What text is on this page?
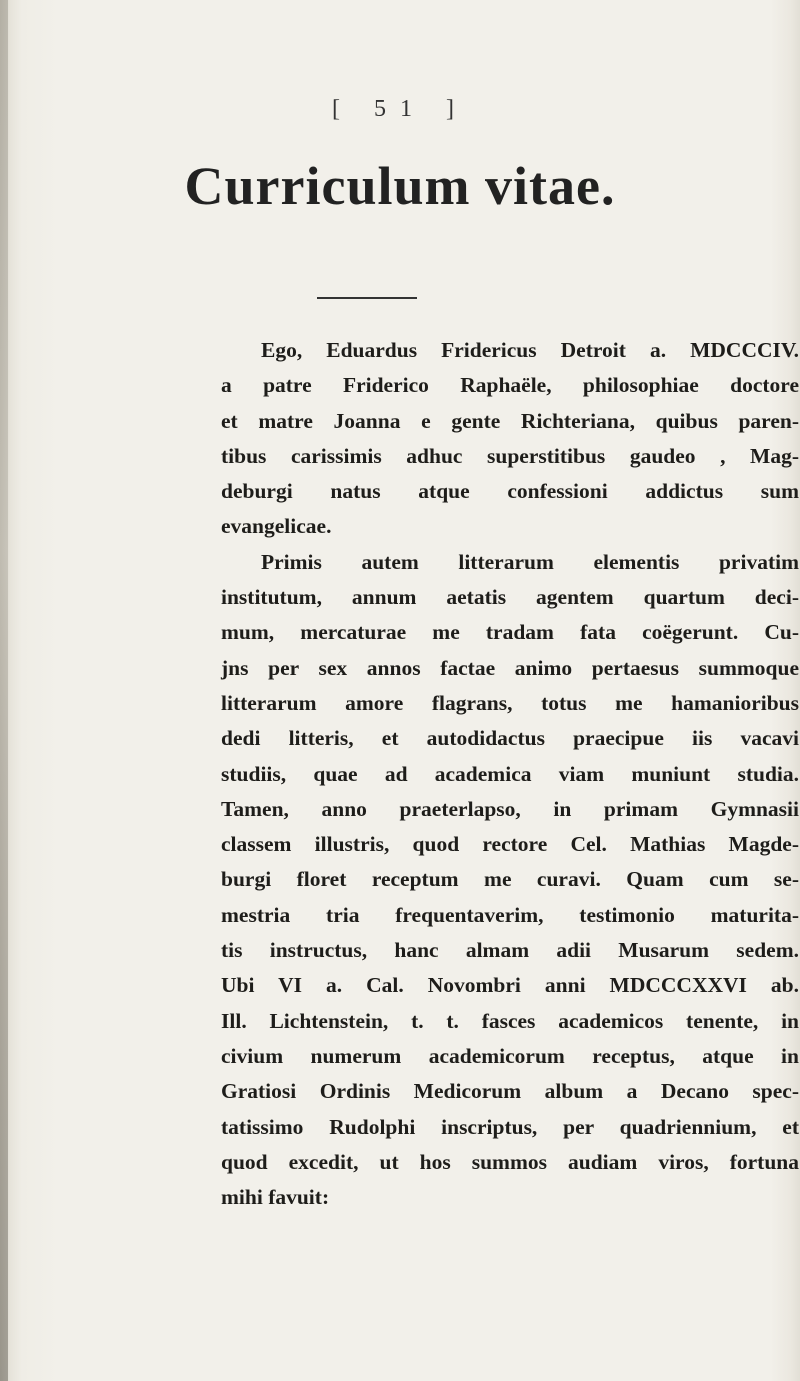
[ 51 ]
Curriculum vitae.
Ego, Eduardus Fridericus Detroit a. MDCCCIV.
a patre Friderico Raphaële, philosophiae doctore
et matre Joanna e gente Richteriana, quibus paren-
tibus carissimis adhuc superstitibus gaudeo , Mag-
deburgi natus atque confessioni addictus sum
evangelicae.
Primis autem litterarum elementis privatim
institutum, annum aetatis agentem quartum deci-
mum, mercaturae me tradam fata coëgerunt. Cu-
jns per sex annos factae animo pertaesus summoque
litterarum amore flagrans, totus me hamanioribus
dedi litteris, et autodidactus praecipue iis vacavi
studiis, quae ad academica viam muniunt studia.
Tamen, anno praeterlapso, in primam Gymnasii
classem illustris, quod rectore Cel. Mathias Magde-
burgi floret receptum me curavi. Quam cum se-
mestria tria frequentaverim, testimonio maturita-
tis instructus, hanc almam adii Musarum sedem.
Ubi VI a. Cal. Novombri anni MDCCCXXVI ab.
Ill. Lichtenstein, t. t. fasces academicos tenente, in
civium numerum academicorum receptus, atque in
Gratiosi Ordinis Medicorum album a Decano spec-
tatissimo Rudolphi inscriptus, per quadriennium, et
quod excedit, ut hos summos audiam viros, fortuna
mihi favuit:
